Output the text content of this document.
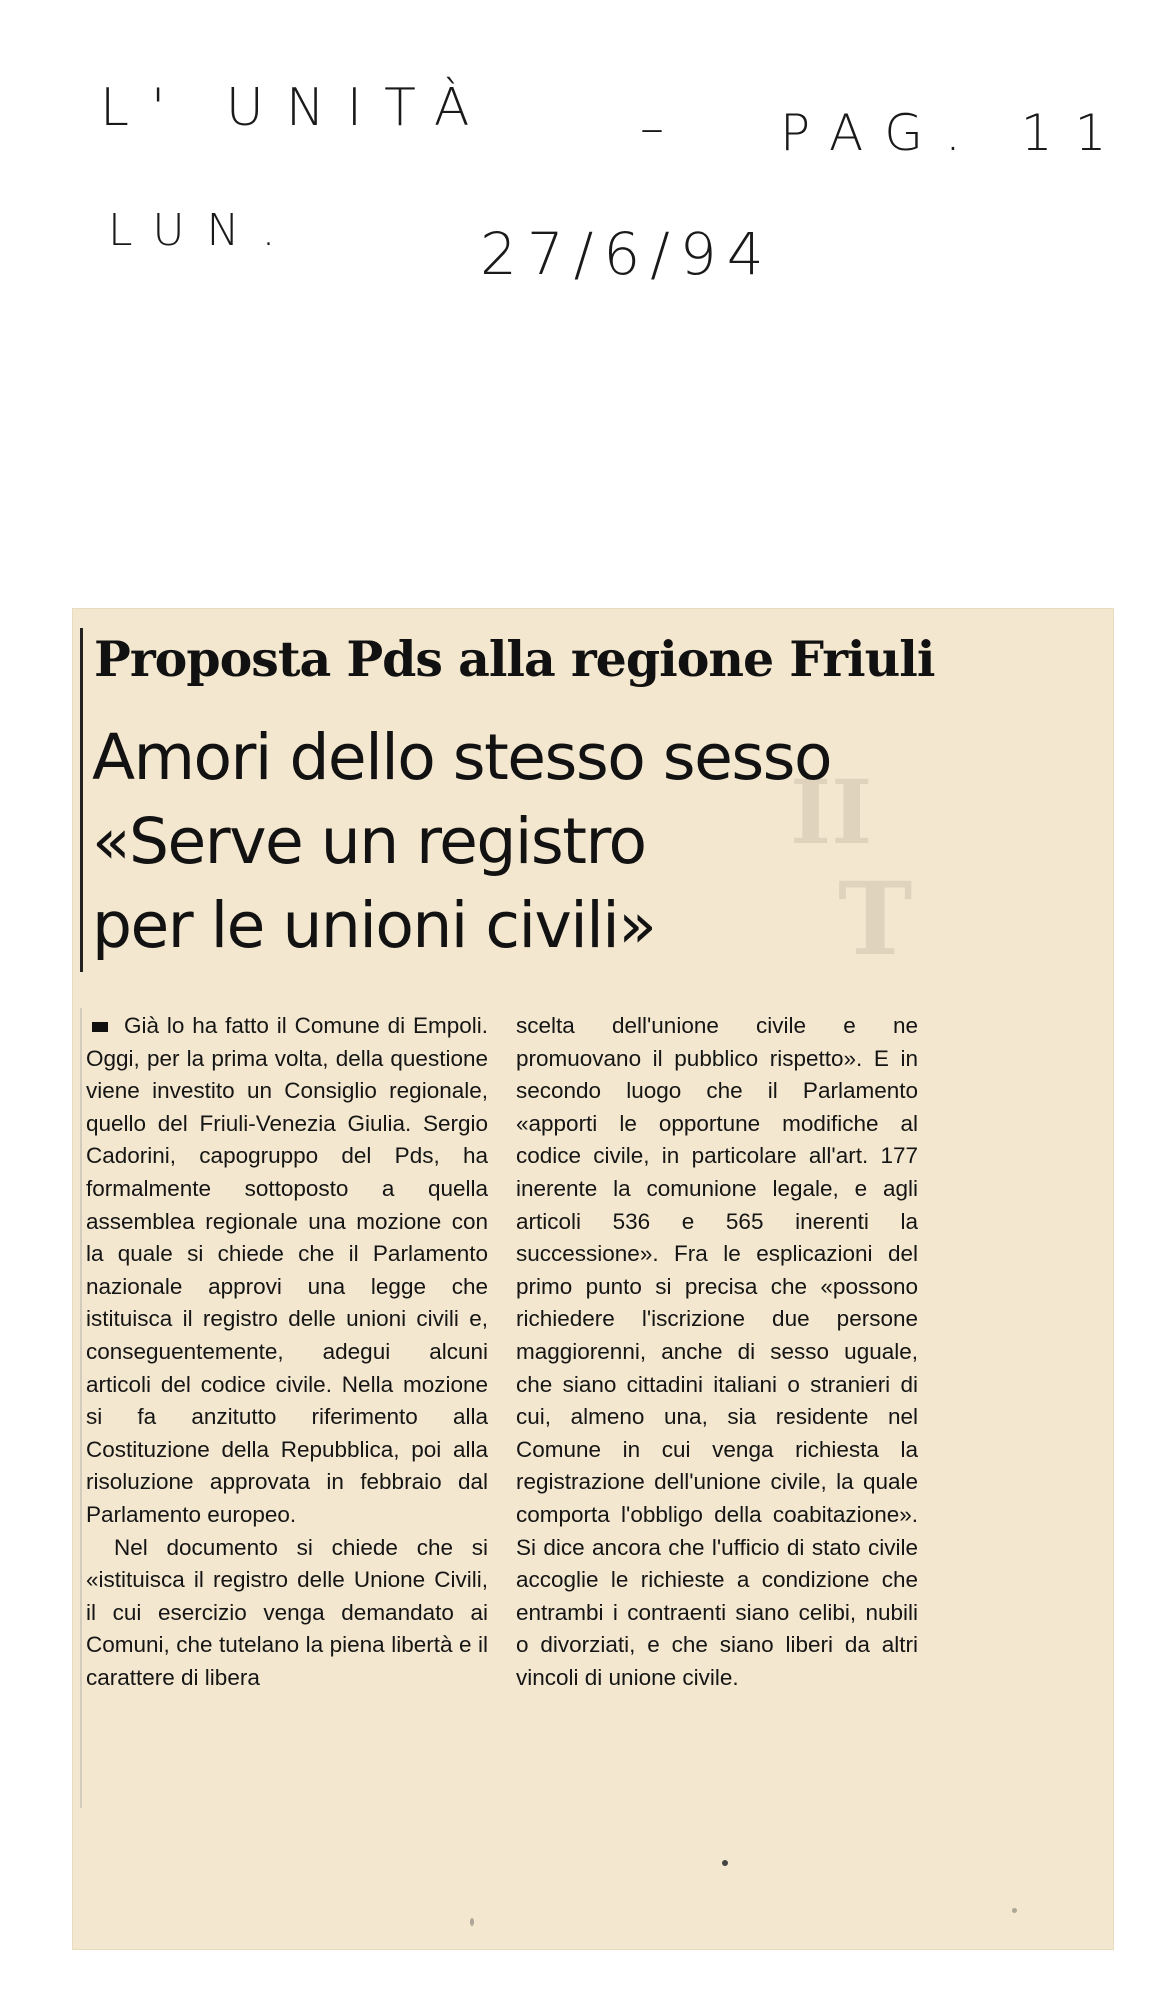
L' UNITÀ	– PAG. 11
LUN.	27/6/94
II
T
Proposta Pds alla regione Friuli
Amori dello stesso sesso
«Serve un registro
per le unioni civili»

Già lo ha fatto il Comune di Empoli. Oggi, per la prima volta, della questione viene investito un Consiglio regionale, quello del Friuli-Venezia Giulia. Sergio Cadorini, capogruppo del Pds, ha formalmente sottoposto a quella assemblea regionale una mozione con la quale si chiede che il Parlamento nazionale approvi una legge che istituisca il registro delle unioni civili e, conseguentemente, adegui alcuni articoli del codice civile. Nella mozione si fa anzitutto riferimento alla Costituzione della Repubblica, poi alla risoluzione approvata in febbraio dal Parlamento europeo.

Nel documento si chiede che si «istituisca il registro delle Unione Civili, il cui esercizio venga demandato ai Comuni, che tutelano la piena libertà e il carattere di libera

scelta dell'unione civile e ne promuovano il pubblico rispetto». E in secondo luogo che il Parlamento «apporti le opportune modifiche al codice civile, in particolare all'art. 177 inerente la comunione legale, e agli articoli 536 e 565 inerenti la successione». Fra le esplicazioni del primo punto si precisa che «possono richiedere l'iscrizione due persone maggiorenni, anche di sesso uguale, che siano cittadini italiani o stranieri di cui, almeno una, sia residente nel Comune in cui venga richiesta la registrazione dell'unione civile, la quale comporta l'obbligo della coabitazione». Si dice ancora che l'ufficio di stato civile accoglie le richieste a condizione che entrambi i contraenti siano celibi, nubili o divorziati, e che siano liberi da altri vincoli di unione civile.
